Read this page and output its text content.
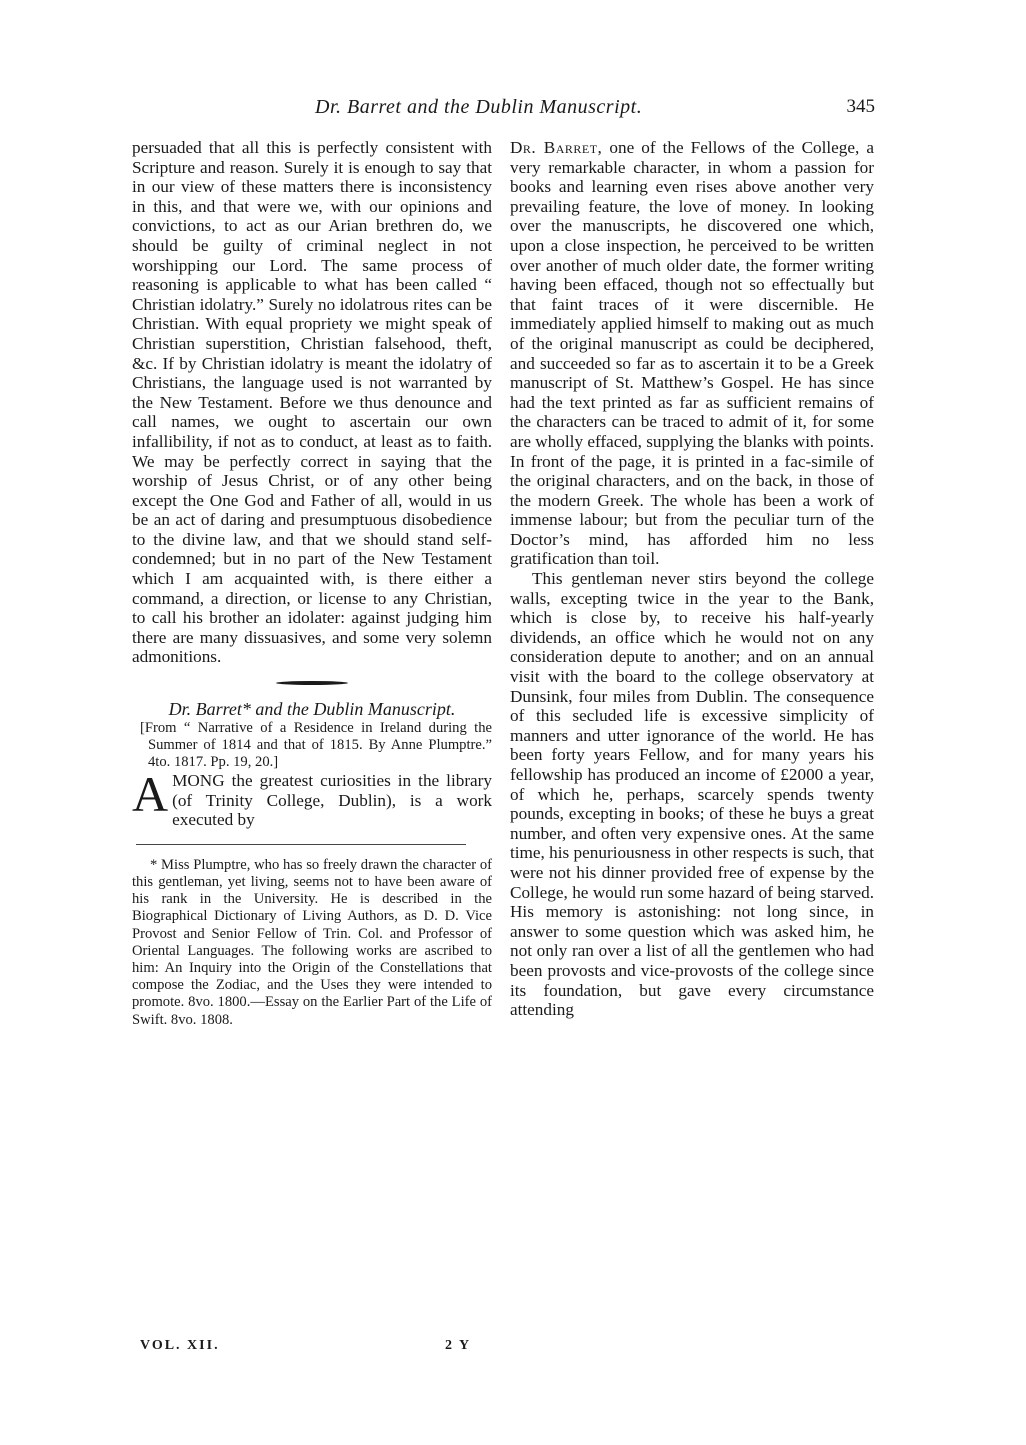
Dr. Barret and the Dublin Manuscript.	345

persuaded that all this is perfectly consistent with Scripture and reason. Surely it is enough to say that in our view of these matters there is inconsistency in this, and that were we, with our opinions and convictions, to act as our Arian brethren do, we should be guilty of criminal neglect in not worshipping our Lord. The same process of reasoning is applicable to what has been called “ Christian idolatry.” Surely no idolatrous rites can be Christian. With equal propriety we might speak of Christian superstition, Christian falsehood, theft, &c. If by Christian idolatry is meant the idolatry of Christians, the language used is not warranted by the New Testament. Before we thus denounce and call names, we ought to ascertain our own infallibility, if not as to conduct, at least as to faith. We may be perfectly correct in saying that the worship of Jesus Christ, or of any other being except the One God and Father of all, would in us be an act of daring and presumptuous disobedience to the divine law, and that we should stand self-condemned; but in no part of the New Testament which I am acquainted with, is there either a command, a direction, or license to any Christian, to call his brother an idolater: against judging him there are many dissuasives, and some very solemn admonitions.

Dr. Barret* and the Dublin Manuscript.

[From “ Narrative of a Residence in Ireland during the Summer of 1814 and that of 1815. By Anne Plumptre.” 4to. 1817. Pp. 19, 20.]

A MONG the greatest curiosities in the library (of Trinity College, Dublin), is a work executed by

* Miss Plumptre, who has so freely drawn the character of this gentleman, yet living, seems not to have been aware of his rank in the University. He is described in the Biographical Dictionary of Living Authors, as D. D. Vice Provost and Senior Fellow of Trin. Col. and Professor of Oriental Languages. The following works are ascribed to him: An Inquiry into the Origin of the Constellations that compose the Zodiac, and the Uses they were intended to promote. 8vo. 1800.—Essay on the Earlier Part of the Life of Swift. 8vo. 1808.

Dr. Barret, one of the Fellows of the College, a very remarkable character, in whom a passion for books and learning even rises above another very prevailing feature, the love of money. In looking over the manuscripts, he discovered one which, upon a close inspection, he perceived to be written over another of much older date, the former writing having been effaced, though not so effectually but that faint traces of it were discernible. He immediately applied himself to making out as much of the original manuscript as could be deciphered, and succeeded so far as to ascertain it to be a Greek manuscript of St. Matthew’s Gospel. He has since had the text printed as far as sufficient remains of the characters can be traced to admit of it, for some are wholly effaced, supplying the blanks with points. In front of the page, it is printed in a fac-simile of the original characters, and on the back, in those of the modern Greek. The whole has been a work of immense labour; but from the peculiar turn of the Doctor’s mind, has afforded him no less gratification than toil.

This gentleman never stirs beyond the college walls, excepting twice in the year to the Bank, which is close by, to receive his half-yearly dividends, an office which he would not on any consideration depute to another; and on an annual visit with the board to the college observatory at Dunsink, four miles from Dublin. The consequence of this secluded life is excessive simplicity of manners and utter ignorance of the world. He has been forty years Fellow, and for many years his fellowship has produced an income of £2000 a year, of which he, perhaps, scarcely spends twenty pounds, excepting in books; of these he buys a great number, and often very expensive ones. At the same time, his penuriousness in other respects is such, that were not his dinner provided free of expense by the College, he would run some hazard of being starved. His memory is astonishing: not long since, in answer to some question which was asked him, he not only ran over a list of all the gentlemen who had been provosts and vice-provosts of the college since its foundation, but gave every circumstance attending

VOL. XII.	2 Y
